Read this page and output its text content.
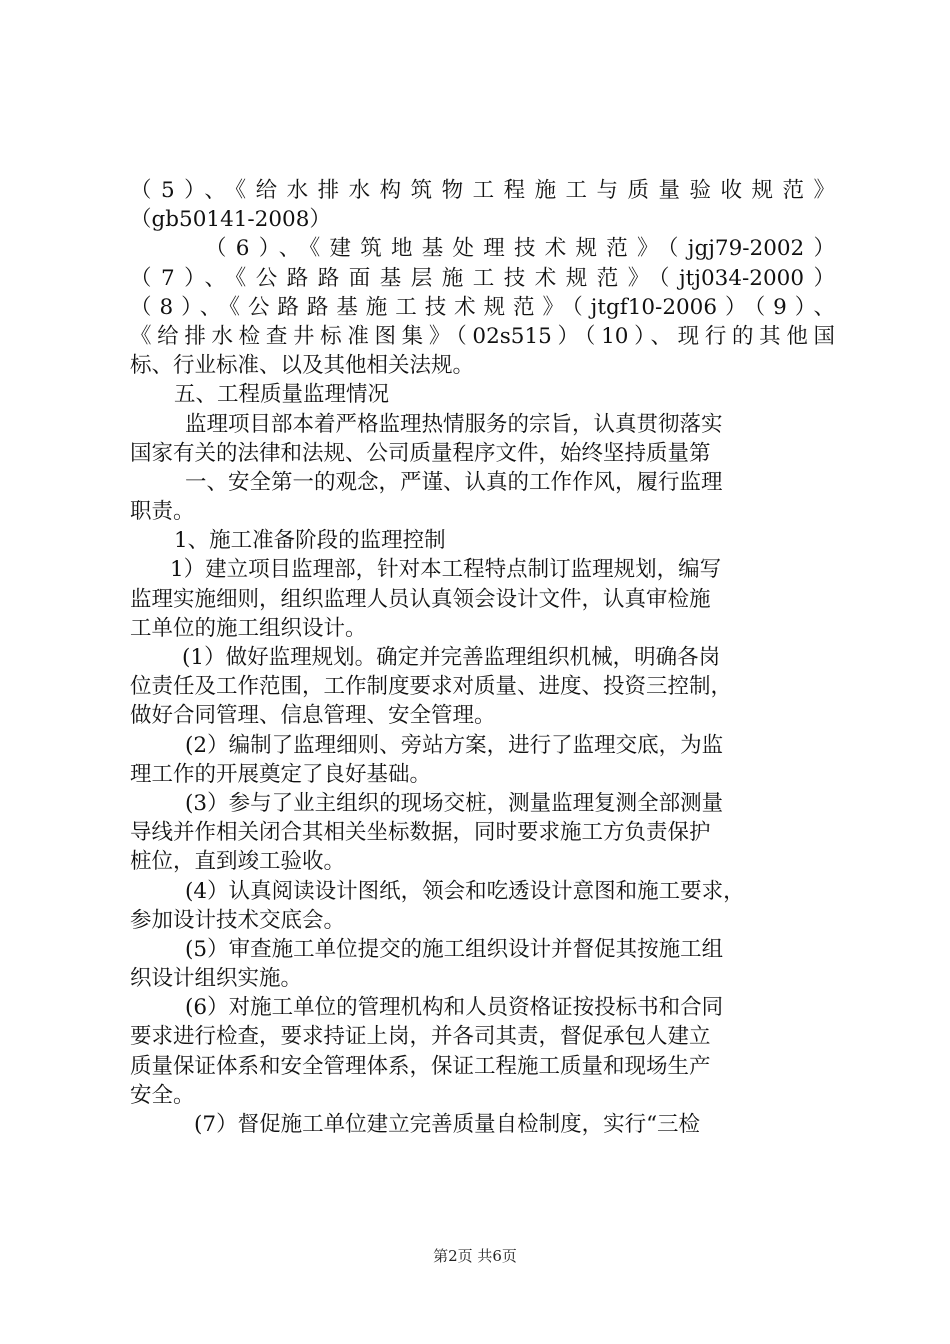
（5）、《给水排水构筑物工程施工与质量验收规范》
（gb50141-2008）
（6）、《建筑地基处理技术规范》（jgj79-2002）
（7）、《公路路面基层施工技术规范》（jtj034-2000）
（8）、《公路路基施工技术规范》（jtgf10-2006）（9）、
《给排水检查井标准图集》（02s515）（10）、现行的其他国
标、行业标准、以及其他相关法规。
五、工程质量监理情况
监理项目部本着严格监理热情服务的宗旨，认真贯彻落实
国家有关的法律和法规、公司质量程序文件，始终坚持质量第
一、安全第一的观念，严谨、认真的工作作风，履行监理
职责。
1、施工准备阶段的监理控制
1）建立项目监理部，针对本工程特点制订监理规划，编写
监理实施细则，组织监理人员认真领会设计文件，认真审检施
工单位的施工组织设计。
(1）做好监理规划。确定并完善监理组织机械，明确各岗
位责任及工作范围，工作制度要求对质量、进度、投资三控制，
做好合同管理、信息管理、安全管理。
(2）编制了监理细则、旁站方案，进行了监理交底，为监
理工作的开展奠定了良好基础。
(3）参与了业主组织的现场交桩，测量监理复测全部测量
导线并作相关闭合其相关坐标数据，同时要求施工方负责保护
桩位，直到竣工验收。
(4）认真阅读设计图纸，领会和吃透设计意图和施工要求，
参加设计技术交底会。
(5）审查施工单位提交的施工组织设计并督促其按施工组
织设计组织实施。
(6）对施工单位的管理机构和人员资格证按投标书和合同
要求进行检查，要求持证上岗，并各司其责，督促承包人建立
质量保证体系和安全管理体系，保证工程施工质量和现场生产
安全。
(7）督促施工单位建立完善质量自检制度，实行“三检
第2页 共6页
